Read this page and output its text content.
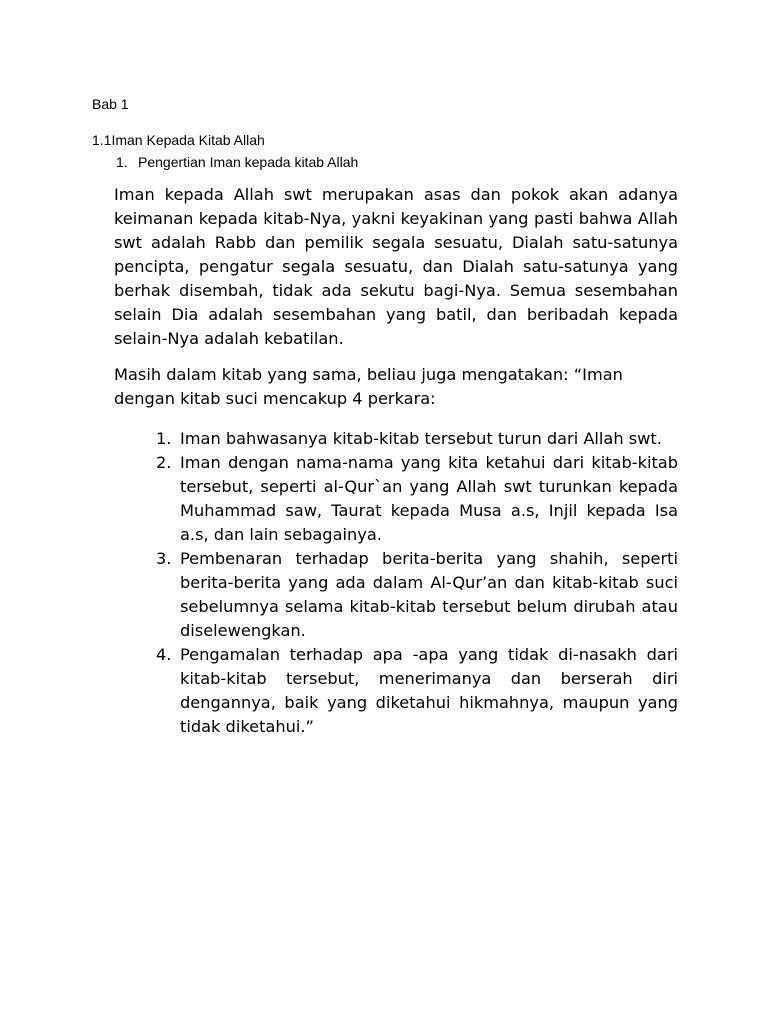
Bab 1
1.1Iman Kepada Kitab Allah
1. Pengertian Iman kepada kitab Allah
Iman kepada Allah swt merupakan asas dan pokok akan adanya keimanan kepada kitab-Nya, yakni keyakinan yang pasti bahwa Allah swt adalah Rabb dan pemilik segala sesuatu, Dialah satu-satunya pencipta, pengatur segala sesuatu, dan Dialah satu-satunya yang berhak disembah, tidak ada sekutu bagi-Nya. Semua sesembahan selain Dia adalah sesembahan yang batil, dan beribadah kepada selain-Nya adalah kebatilan.
Masih dalam kitab yang sama, beliau juga mengatakan: “Iman dengan kitab suci mencakup 4 perkara:
1. Iman bahwasanya kitab-kitab tersebut turun dari Allah swt.
2. Iman dengan nama-nama yang kita ketahui dari kitab-kitab tersebut, seperti al-Qur`an yang Allah swt turunkan kepada Muhammad saw, Taurat kepada Musa a.s, Injil kepada Isa a.s, dan lain sebagainya.
3. Pembenaran terhadap berita-berita yang shahih, seperti berita-berita yang ada dalam Al-Qur’an dan kitab-kitab suci sebelumnya selama kitab-kitab tersebut belum dirubah atau diselewengkan.
4. Pengamalan terhadap apa -apa yang tidak di-nasakh dari kitab-kitab tersebut, menerimanya dan berserah diri dengannya, baik yang diketahui hikmahnya, maupun yang tidak diketahui.”
